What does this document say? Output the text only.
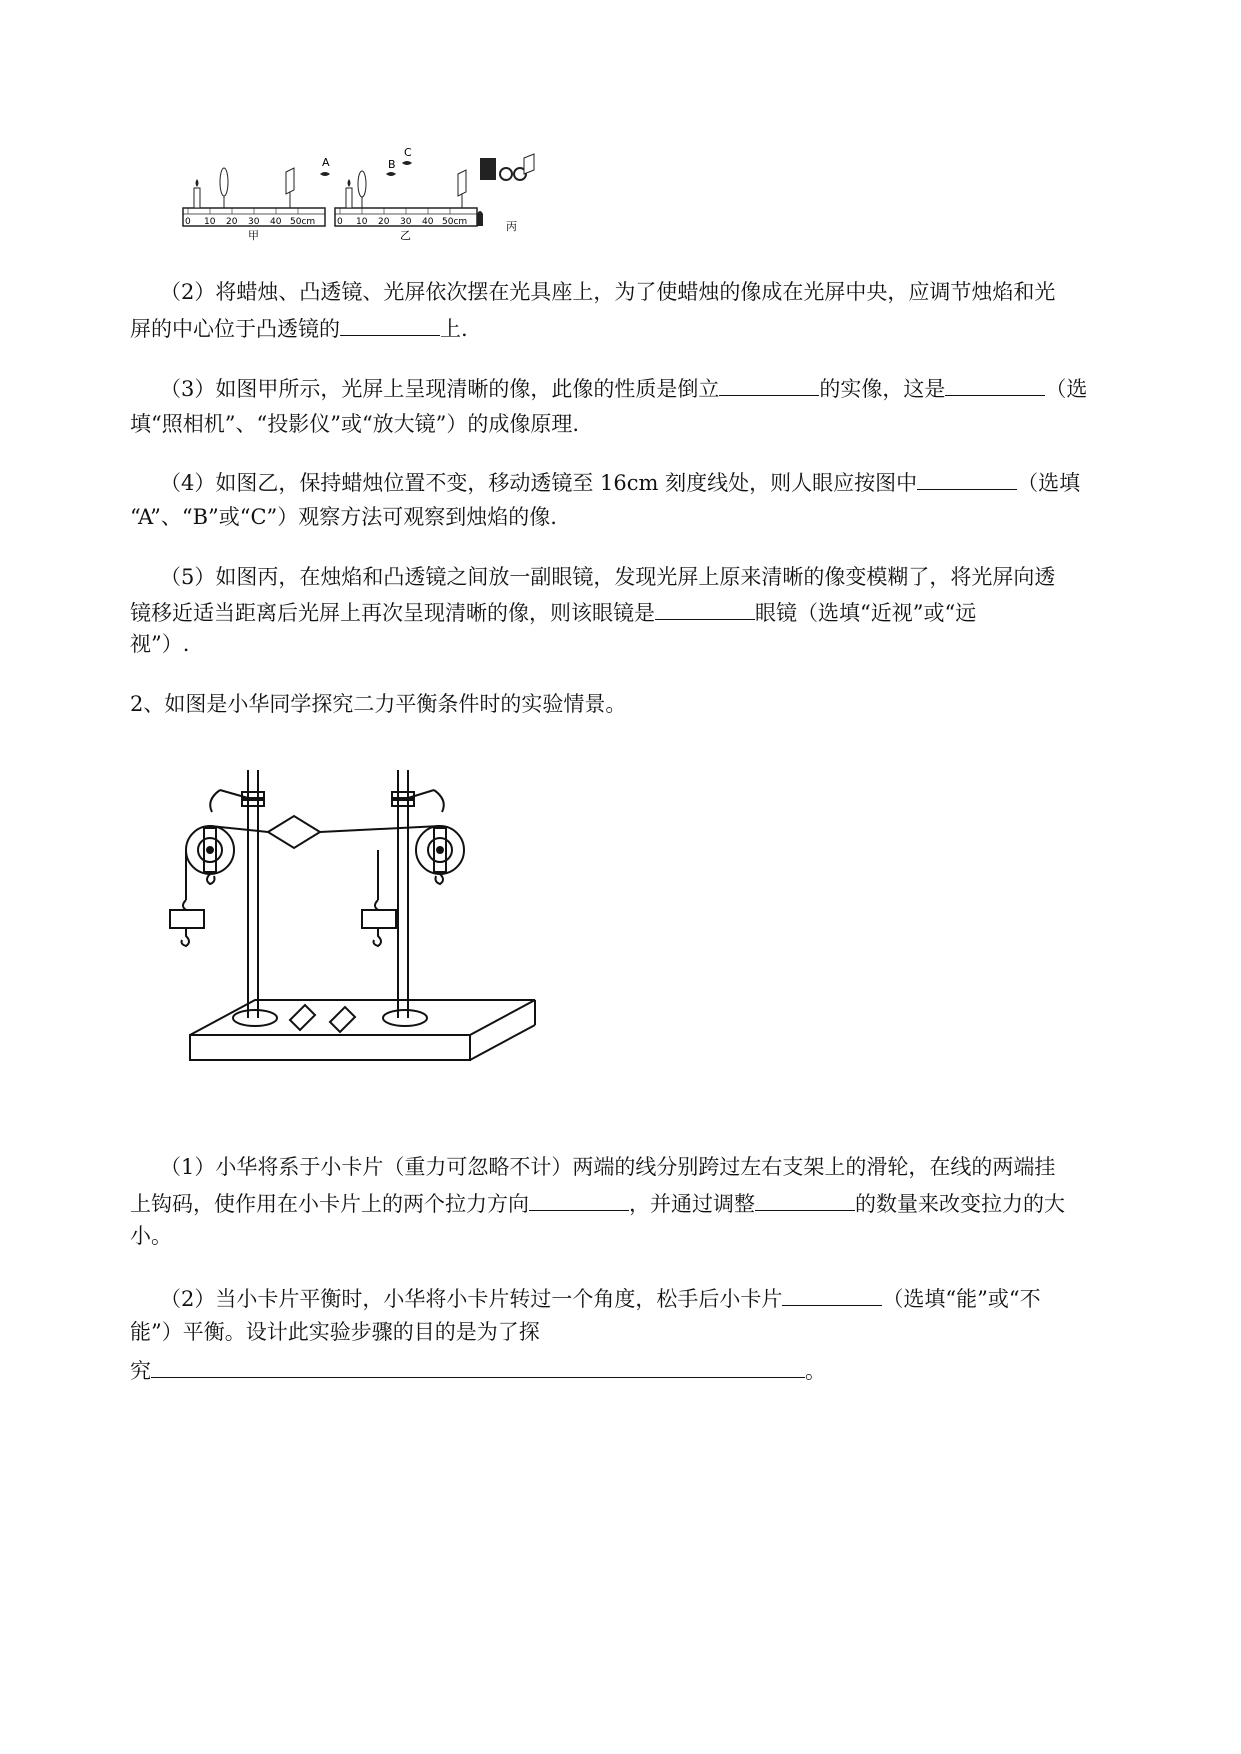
0 10 20 30 40 50cm
甲
0 10 20 30 40 50cm
A	B
C
乙
丙
（2）将蜡烛、凸透镜、光屏依次摆在光具座上，为了使蜡烛的像成在光屏中央，应调节烛焰和光
屏的中心位于凸透镜的	上.
（3）如图甲所示，光屏上呈现清晰的像，此像的性质是倒立	的实像，这是	（选
填“照相机”、“投影仪”或“放大镜”）的成像原理.
（4）如图乙，保持蜡烛位置不变，移动透镜至 16cm 刻度线处，则人眼应按图中	（选填
“A”、“B”或“C”）观察方法可观察到烛焰的像.
（5）如图丙，在烛焰和凸透镜之间放一副眼镜，发现光屏上原来清晰的像变模糊了，将光屏向透
镜移近适当距离后光屏上再次呈现清晰的像，则该眼镜是	眼镜（选填“近视”或“远
视”）.
2、如图是小华同学探究二力平衡条件时的实验情景。
（1）小华将系于小卡片（重力可忽略不计）两端的线分别跨过左右支架上的滑轮，在线的两端挂
上钩码，使作用在小卡片上的两个拉力方向	，并通过调整	的数量来改变拉力的大
小。
（2）当小卡片平衡时，小华将小卡片转过一个角度，松手后小卡片	（选填“能”或“不
能”）平衡。设计此实验步骤的目的是为了探
究	。
